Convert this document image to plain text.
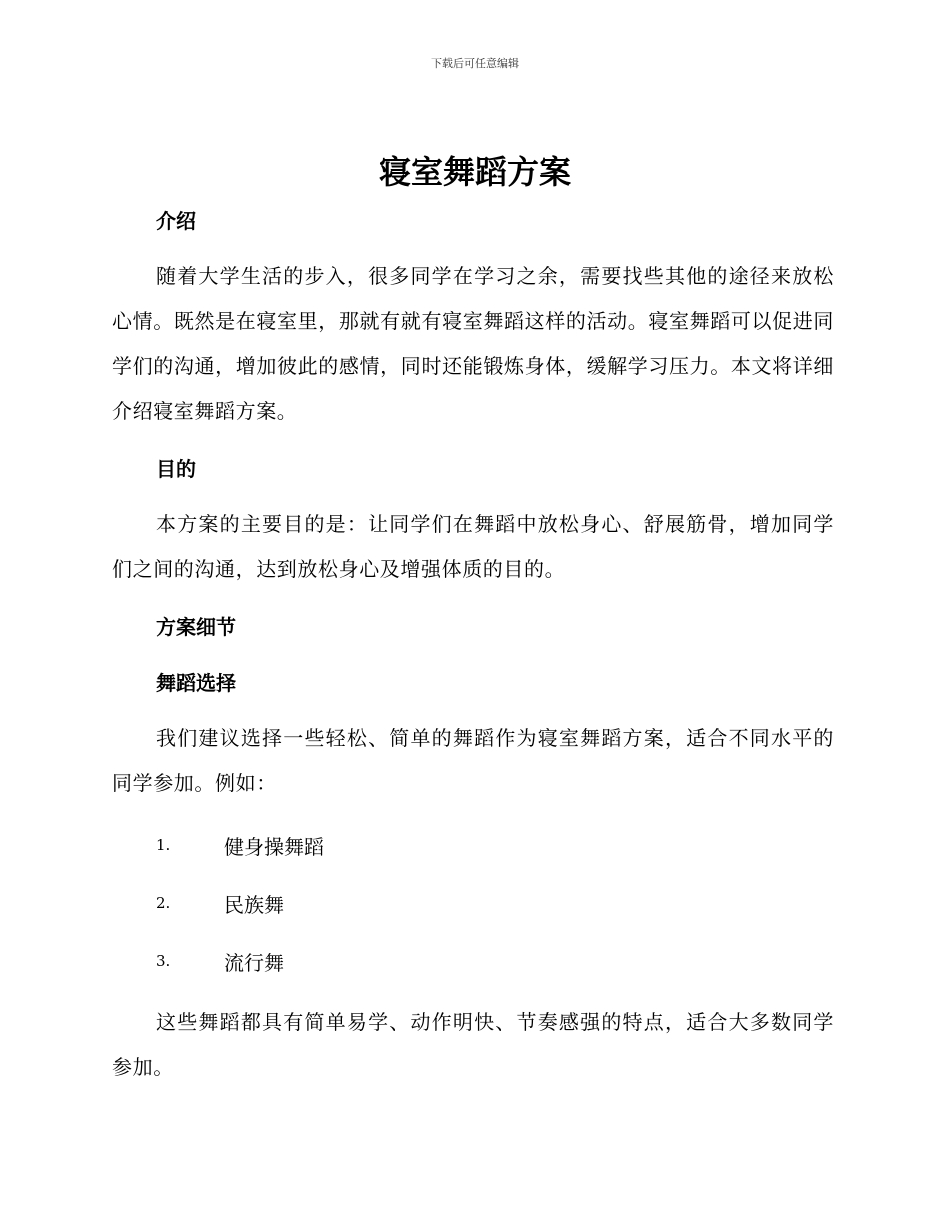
下载后可任意编辑
寝室舞蹈方案
介绍

随着大学生活的步入，很多同学在学习之余，需要找些其他的途径来放松心情。既然是在寝室里，那就有就有寝室舞蹈这样的活动。寝室舞蹈可以促进同学们的沟通，增加彼此的感情，同时还能锻炼身体，缓解学习压力。本文将详细介绍寝室舞蹈方案。

目的

本方案的主要目的是：让同学们在舞蹈中放松身心、舒展筋骨，增加同学们之间的沟通，达到放松身心及增强体质的目的。

方案细节
舞蹈选择

我们建议选择一些轻松、简单的舞蹈作为寝室舞蹈方案，适合不同水平的同学参加。例如：

1.	健身操舞蹈
2.	民族舞
3.	流行舞

这些舞蹈都具有简单易学、动作明快、节奏感强的特点，适合大多数同学参加。
